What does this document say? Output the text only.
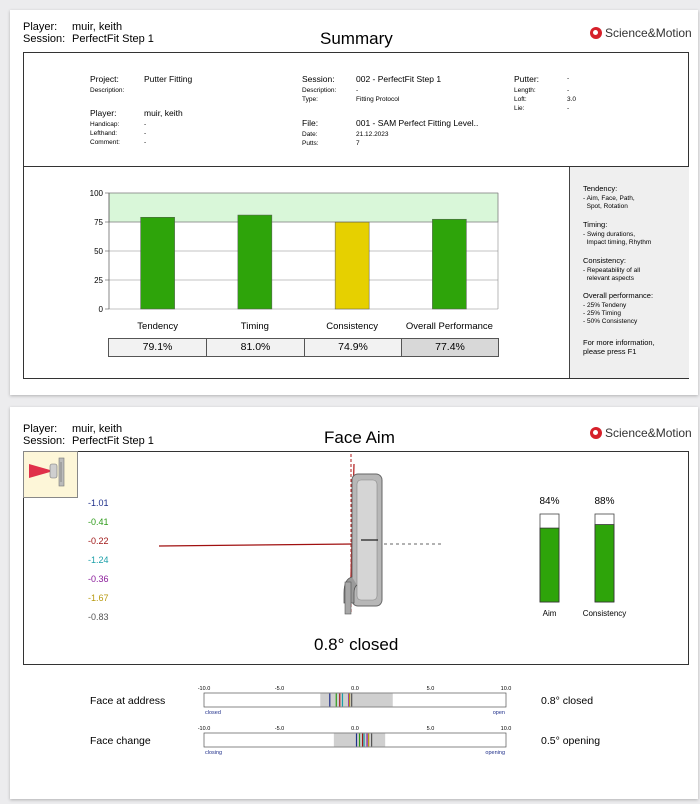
Player: muir, keith
Session: PerfectFit Step 1	Summary	Science&Motion
Project:	Putter Fitting
Description:
Player:	muir, keith
Handicap:	-
Lefthand:	-
Comment:	-
Session:	002 - PerfectFit Step 1
Description:	-
Type:	Fitting Protocol
File:	001 - SAM Perfect Fitting Level..
Date:	21.12.2023
Putts:	7
Putter:	-
Length:	-
Loft:	3.0
Lie:	-
100
75
50
25
0
Tendency	Timing	Consistency	Overall Performance
79.1%	81.0%	74.9%	77.4%
Tendency:
- Aim, Face, Path,
Spot, Rotation
Timing:
- Swing durations,
Impact timing, Rhythm
Consistency:
- Repeatability of all
relevant aspects
Overall performance:
- 25% Tendeny
- 25% Timing
- 50% Consistency
For more information,
please press F1
Player: muir, keith
Session: PerfectFit Step 1	Face Aim	Science&Motion
-1.01
-0.41
-0.22
-1.24
-0.36
-1.67
-0.83
0.8° closed
84%
Aim
88%
Consistency
Face at address
-10.0	-5.0	0.0	5.0	10.0
closed	open
0.8° closed
Face change
-10.0	-5.0	0.0	5.0	10.0
closing	opening
0.5° opening
